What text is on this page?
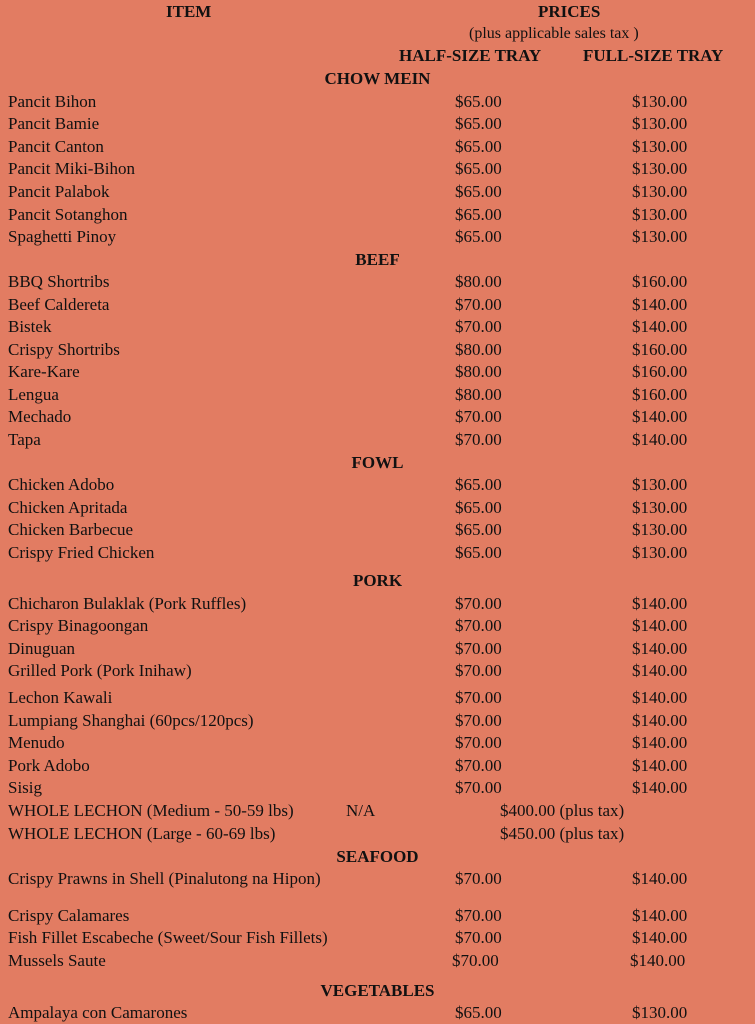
ITEM	PRICES
(plus applicable sales tax )
HALF-SIZE TRAY FULL-SIZE TRAY
CHOW MEIN
Pancit Bihon	$65.00	$130.00
Pancit Bamie	$65.00	$130.00
Pancit Canton	$65.00	$130.00
Pancit Miki-Bihon	$65.00	$130.00
Pancit Palabok	$65.00	$130.00
Pancit Sotanghon	$65.00	$130.00
Spaghetti Pinoy	$65.00	$130.00
BEEF
BBQ Shortribs	$80.00	$160.00
Beef Caldereta	$70.00	$140.00
Bistek	$70.00	$140.00
Crispy Shortribs	$80.00	$160.00
Kare-Kare	$80.00	$160.00
Lengua	$80.00	$160.00
Mechado	$70.00	$140.00
Tapa	$70.00	$140.00
FOWL
Chicken Adobo	$65.00	$130.00
Chicken Apritada	$65.00	$130.00
Chicken Barbecue	$65.00	$130.00
Crispy Fried Chicken	$65.00	$130.00
PORK
Chicharon Bulaklak (Pork Ruffles)	$70.00	$140.00
Crispy Binagoongan	$70.00	$140.00
Dinuguan	$70.00	$140.00
Grilled Pork (Pork Inihaw)	$70.00	$140.00
Lechon Kawali	$70.00	$140.00
Lumpiang Shanghai (60pcs/120pcs)	$70.00	$140.00
Menudo	$70.00	$140.00
Pork Adobo	$70.00	$140.00
Sisig	$70.00	$140.00
WHOLE LECHON (Medium - 50-59 lbs)	N/A	$400.00 (plus tax)
WHOLE LECHON (Large - 60-69 lbs)	$450.00 (plus tax)
SEAFOOD
Crispy Prawns in Shell (Pinalutong na Hipon)	$70.00	$140.00
Crispy Calamares	$70.00	$140.00
Fish Fillet Escabeche (Sweet/Sour Fish Fillets)	$70.00	$140.00
Mussels Saute	$70.00	$140.00
VEGETABLES
Ampalaya con Camarones	$65.00	$130.00
